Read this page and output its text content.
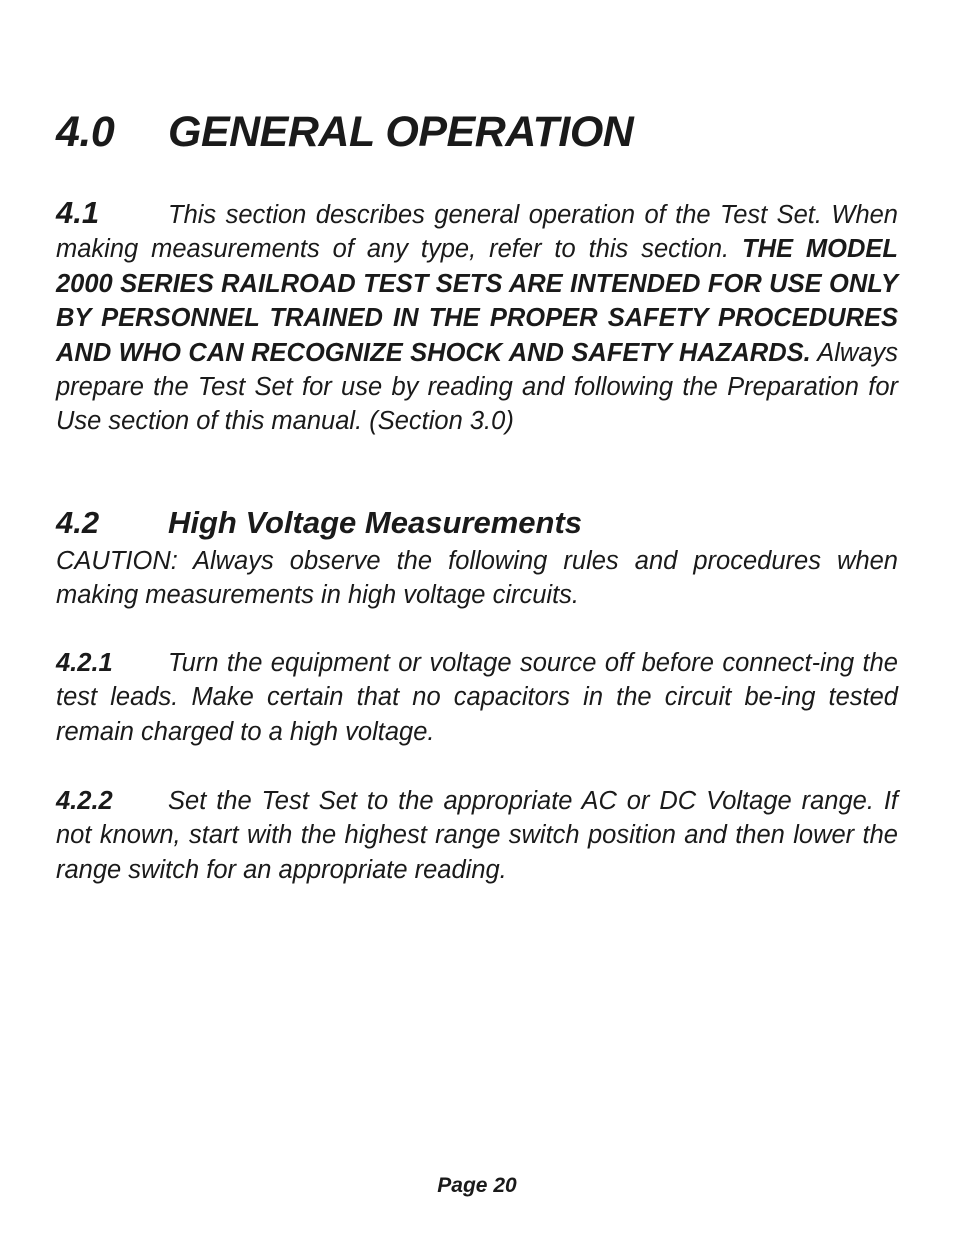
4.0 GENERAL OPERATION

4.1	This section describes general operation of the Test Set. When making measurements of any type, refer to this section. THE MODEL 2000 SERIES RAILROAD TEST SETS ARE INTENDED FOR USE ONLY BY PERSONNEL TRAINED IN THE PROPER SAFETY PROCEDURES AND WHO CAN RECOGNIZE SHOCK AND SAFETY HAZARDS. Always prepare the Test Set for use by reading and following the Preparation for Use section of this manual. (Section 3.0)

4.2 High Voltage Measurements

CAUTION: Always observe the following rules and procedures when making measurements in high voltage circuits.

4.2.1 Turn the equipment or voltage source off before connect-ing the test leads. Make certain that no capacitors in the circuit be-ing tested remain charged to a high voltage.

4.2.2 Set the Test Set to the appropriate AC or DC Voltage range. If not known, start with the highest range switch position and then lower the range switch for an appropriate reading.

Page 20
